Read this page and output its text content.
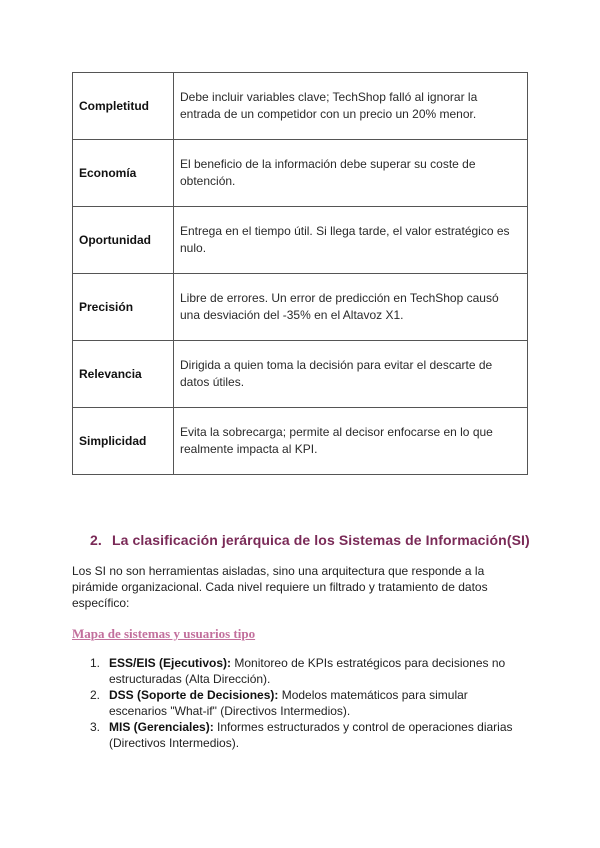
Completitud	Debe incluir variables clave; TechShop falló al ignorar la entrada de un competidor con un precio un 20% menor.
Economía	El beneficio de la información debe superar su coste de obtención.
Oportunidad	Entrega en el tiempo útil. Si llega tarde, el valor estratégico es nulo.
Precisión	Libre de errores. Un error de predicción en TechShop causó una desviación del -35% en el Altavoz X1.
Relevancia	Dirigida a quien toma la decisión para evitar el descarte de datos útiles.
Simplicidad	Evita la sobrecarga; permite al decisor enfocarse en lo que realmente impacta al KPI.
2. La clasificación jerárquica de los Sistemas de Información(SI)

Los SI no son herramientas aisladas, sino una arquitectura que responde a la pirámide organizacional. Cada nivel requiere un filtrado y tratamiento de datos específico:

Mapa de sistemas y usuarios tipo
1. ESS/EIS (Ejecutivos): Monitoreo de KPIs estratégicos para decisiones no estructuradas (Alta Dirección).
2. DSS (Soporte de Decisiones): Modelos matemáticos para simular escenarios "What-if" (Directivos Intermedios).
3. MIS (Gerenciales): Informes estructurados y control de operaciones diarias (Directivos Intermedios).
